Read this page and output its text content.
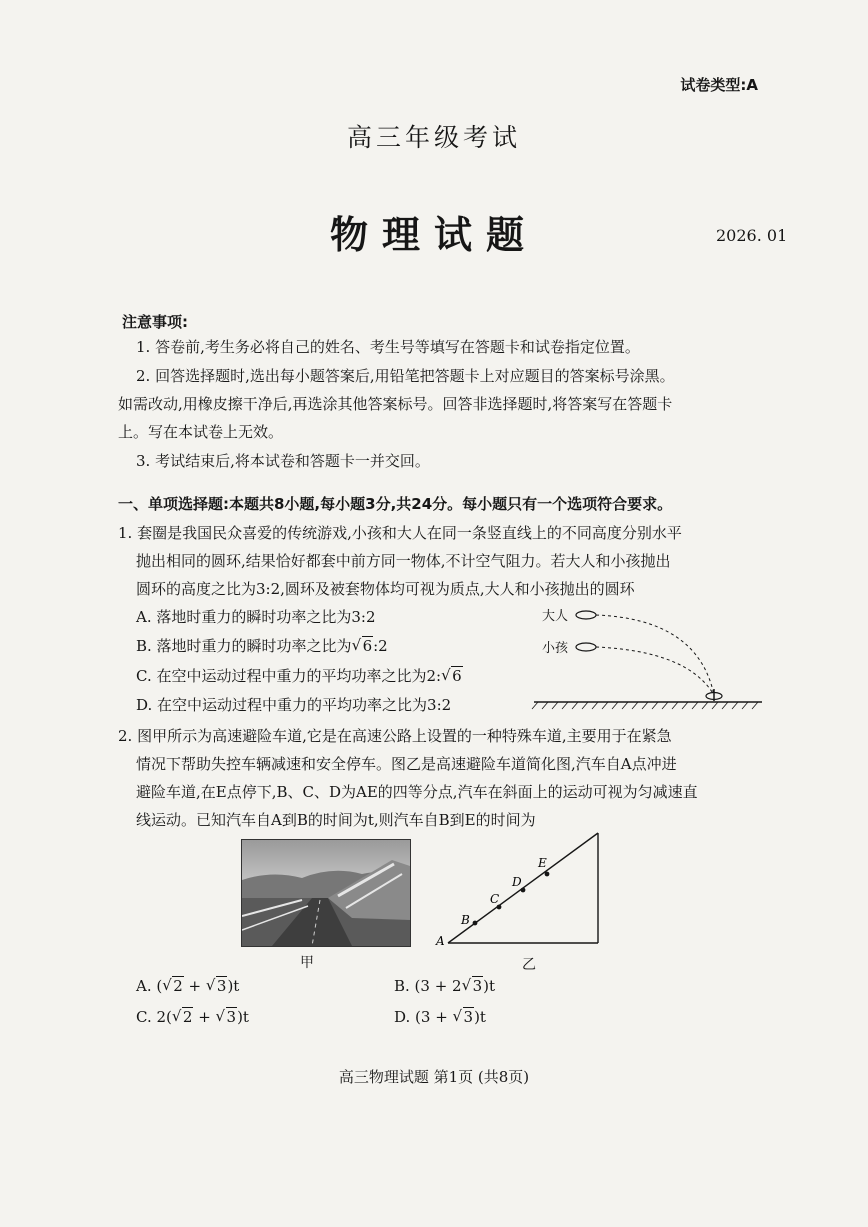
试卷类型:A
高三年级考试
物理试题	2026. 01
注意事项:
1. 答卷前,考生务必将自己的姓名、考生号等填写在答题卡和试卷指定位置。
2. 回答选择题时,选出每小题答案后,用铅笔把答题卡上对应题目的答案标号涂黑。
如需改动,用橡皮擦干净后,再选涂其他答案标号。回答非选择题时,将答案写在答题卡
上。写在本试卷上无效。
3. 考试结束后,将本试卷和答题卡一并交回。
一、单项选择题:本题共8小题,每小题3分,共24分。每小题只有一个选项符合要求。
1. 套圈是我国民众喜爱的传统游戏,小孩和大人在同一条竖直线上的不同高度分别水平
抛出相同的圆环,结果恰好都套中前方同一物体,不计空气阻力。若大人和小孩抛出
圆环的高度之比为3:2,圆环及被套物体均可视为质点,大人和小孩抛出的圆环
A. 落地时重力的瞬时功率之比为3:2
B. 落地时重力的瞬时功率之比为 √ 6:2
C. 在空中运动过程中重力的平均功率之比为2: √ 6
D. 在空中运动过程中重力的平均功率之比为3:2
大人
小孩
2. 图甲所示为高速避险车道,它是在高速公路上设置的一种特殊车道,主要用于在紧急
情况下帮助失控车辆减速和安全停车。图乙是高速避险车道简化图,汽车自A点冲进
避险车道,在E点停下,B、C、D为AE的四等分点,汽车在斜面上的运动可视为匀减速直
线运动。已知汽车自A到B的时间为t,则汽车自B到E的时间为
甲
A
B
C
D
E
乙
A. ( √ 2 + √ 3)t	B. (3 + 2 √ 3)t
C. 2( √ 2 + √ 3)t	D. (3 + √ 3)t
高三物理试题 第1页 (共8页)
